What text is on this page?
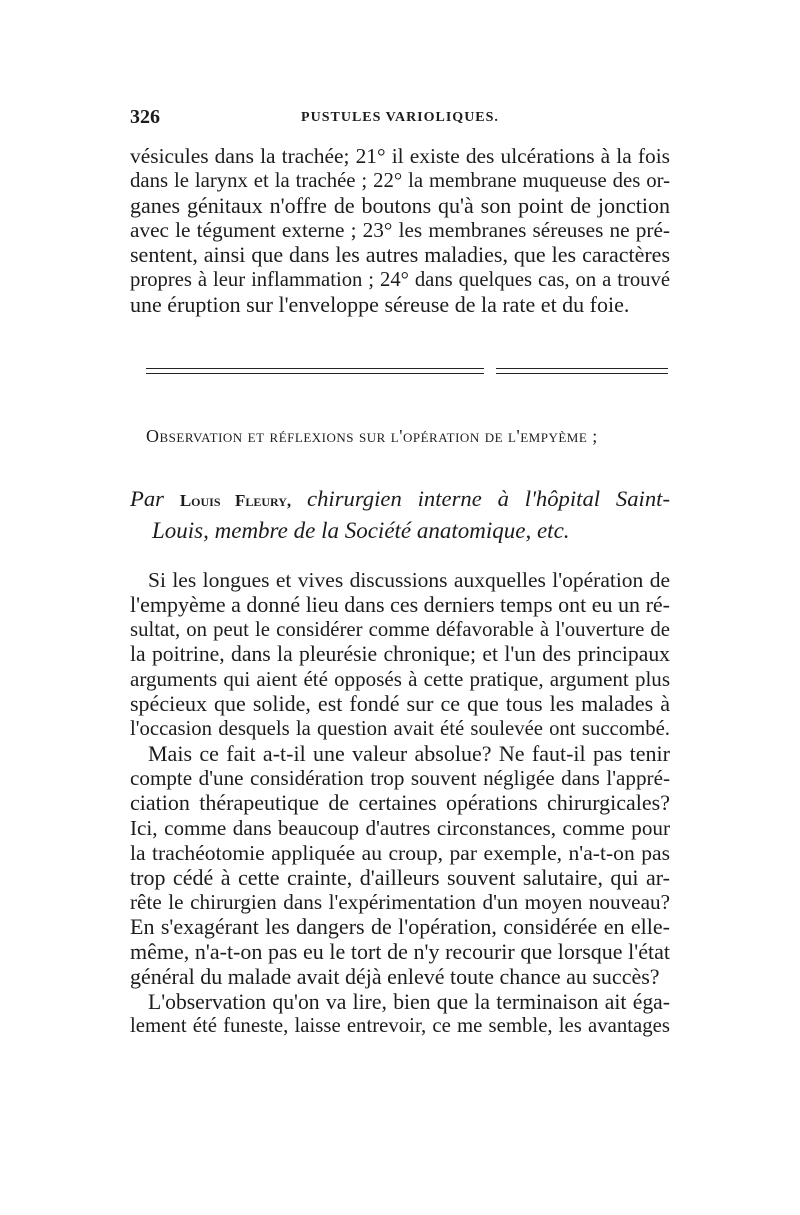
326	PUSTULES VARIOLIQUES.
vésicules dans la trachée; 21° il existe des ulcérations à la fois
dans le larynx et la trachée ; 22° la membrane muqueuse des or-
ganes génitaux n'offre de boutons qu'à son point de jonction
avec le tégument externe ; 23° les membranes séreuses ne pré-
sentent, ainsi que dans les autres maladies, que les caractères
propres à leur inflammation ; 24° dans quelques cas, on a trouvé
une éruption sur l'enveloppe séreuse de la rate et du foie.
Observation et réflexions sur l'opération de l'empyème ;
Par Louis Fleury, chirurgien interne à l'hôpital Saint-
Louis, membre de la Société anatomique, etc.
Si les longues et vives discussions auxquelles l'opération de
l'empyème a donné lieu dans ces derniers temps ont eu un ré-
sultat, on peut le considérer comme défavorable à l'ouverture de
la poitrine, dans la pleurésie chronique; et l'un des principaux
arguments qui aient été opposés à cette pratique, argument plus
spécieux que solide, est fondé sur ce que tous les malades à
l'occasion desquels la question avait été soulevée ont succombé.
Mais ce fait a-t-il une valeur absolue? Ne faut-il pas tenir
compte d'une considération trop souvent négligée dans l'appré-
ciation thérapeutique de certaines opérations chirurgicales?
Ici, comme dans beaucoup d'autres circonstances, comme pour
la trachéotomie appliquée au croup, par exemple, n'a-t-on pas
trop cédé à cette crainte, d'ailleurs souvent salutaire, qui ar-
rête le chirurgien dans l'expérimentation d'un moyen nouveau?
En s'exagérant les dangers de l'opération, considérée en elle-
même, n'a-t-on pas eu le tort de n'y recourir que lorsque l'état
général du malade avait déjà enlevé toute chance au succès?
L'observation qu'on va lire, bien que la terminaison ait éga-
lement été funeste, laisse entrevoir, ce me semble, les avantages
